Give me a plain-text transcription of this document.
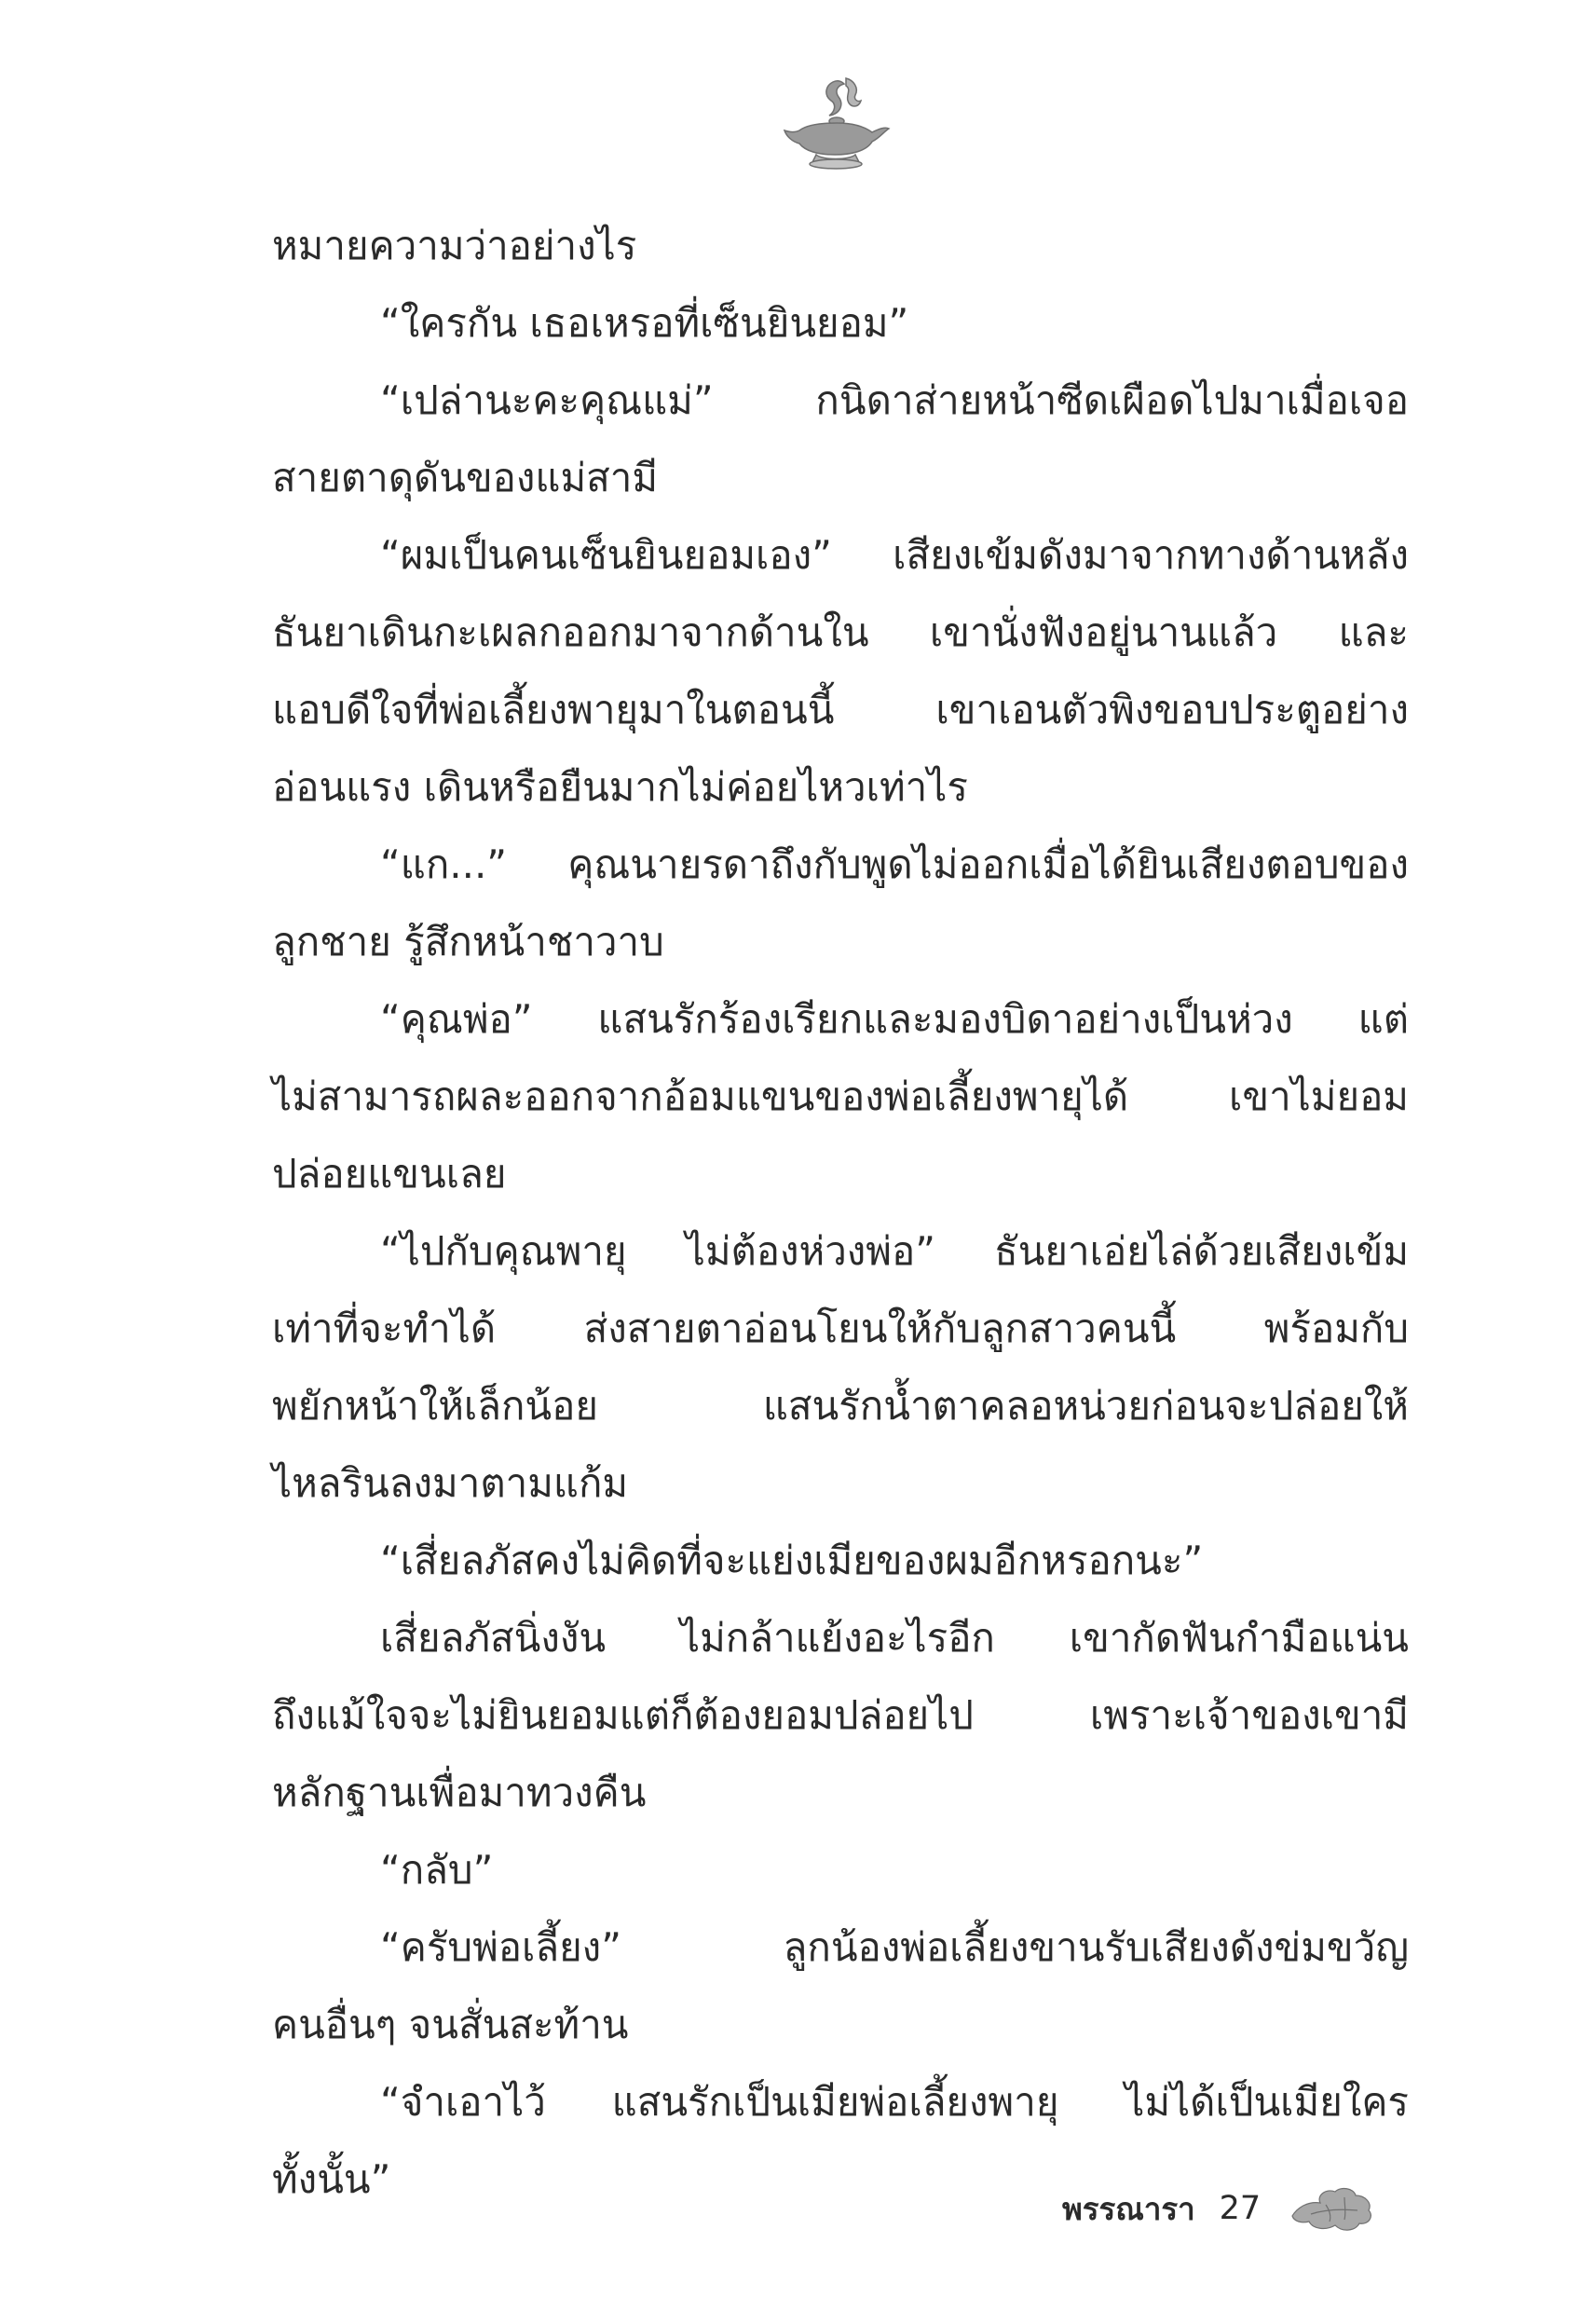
หมายความว่าอย่างไร
“ใครกัน เธอเหรอที่เซ็นยินยอม”
“เปล่านะคะคุณแม่” กนิดาส่ายหน้าซีดเผือดไปมาเมื่อเจอ
สายตาดุดันของแม่สามี
“ผมเป็นคนเซ็นยินยอมเอง” เสียงเข้มดังมาจากทางด้านหลัง
ธันยาเดินกะเผลกออกมาจากด้านใน เขานั่งฟังอยู่นานแล้ว และ
แอบดีใจที่พ่อเลี้ยงพายุมาในตอนนี้ เขาเอนตัวพิงขอบประตูอย่าง
อ่อนแรง เดินหรือยืนมากไม่ค่อยไหวเท่าไร
“แก...” คุณนายรดาถึงกับพูดไม่ออกเมื่อได้ยินเสียงตอบของ
ลูกชาย รู้สึกหน้าชาวาบ
“คุณพ่อ” แสนรักร้องเรียกและมองบิดาอย่างเป็นห่วง แต่
ไม่สามารถผละออกจากอ้อมแขนของพ่อเลี้ยงพายุได้ เขาไม่ยอม
ปล่อยแขนเลย
“ไปกับคุณพายุ ไม่ต้องห่วงพ่อ” ธันยาเอ่ยไล่ด้วยเสียงเข้ม
เท่าที่จะทำได้ ส่งสายตาอ่อนโยนให้กับลูกสาวคนนี้ พร้อมกับ
พยักหน้าให้เล็กน้อย แสนรักน้ำตาคลอหน่วยก่อนจะปล่อยให้
ไหลรินลงมาตามแก้ม
“เสี่ยลภัสคงไม่คิดที่จะแย่งเมียของผมอีกหรอกนะ”
เสี่ยลภัสนิ่งงัน ไม่กล้าแย้งอะไรอีก เขากัดฟันกำมือแน่น
ถึงแม้ใจจะไม่ยินยอมแต่ก็ต้องยอมปล่อยไป เพราะเจ้าของเขามี
หลักฐานเพื่อมาทวงคืน
“กลับ”
“ครับพ่อเลี้ยง” ลูกน้องพ่อเลี้ยงขานรับเสียงดังข่มขวัญ
คนอื่นๆ จนสั่นสะท้าน
“จำเอาไว้ แสนรักเป็นเมียพ่อเลี้ยงพายุ ไม่ได้เป็นเมียใคร
ทั้งนั้น”
พรรณารา 27
